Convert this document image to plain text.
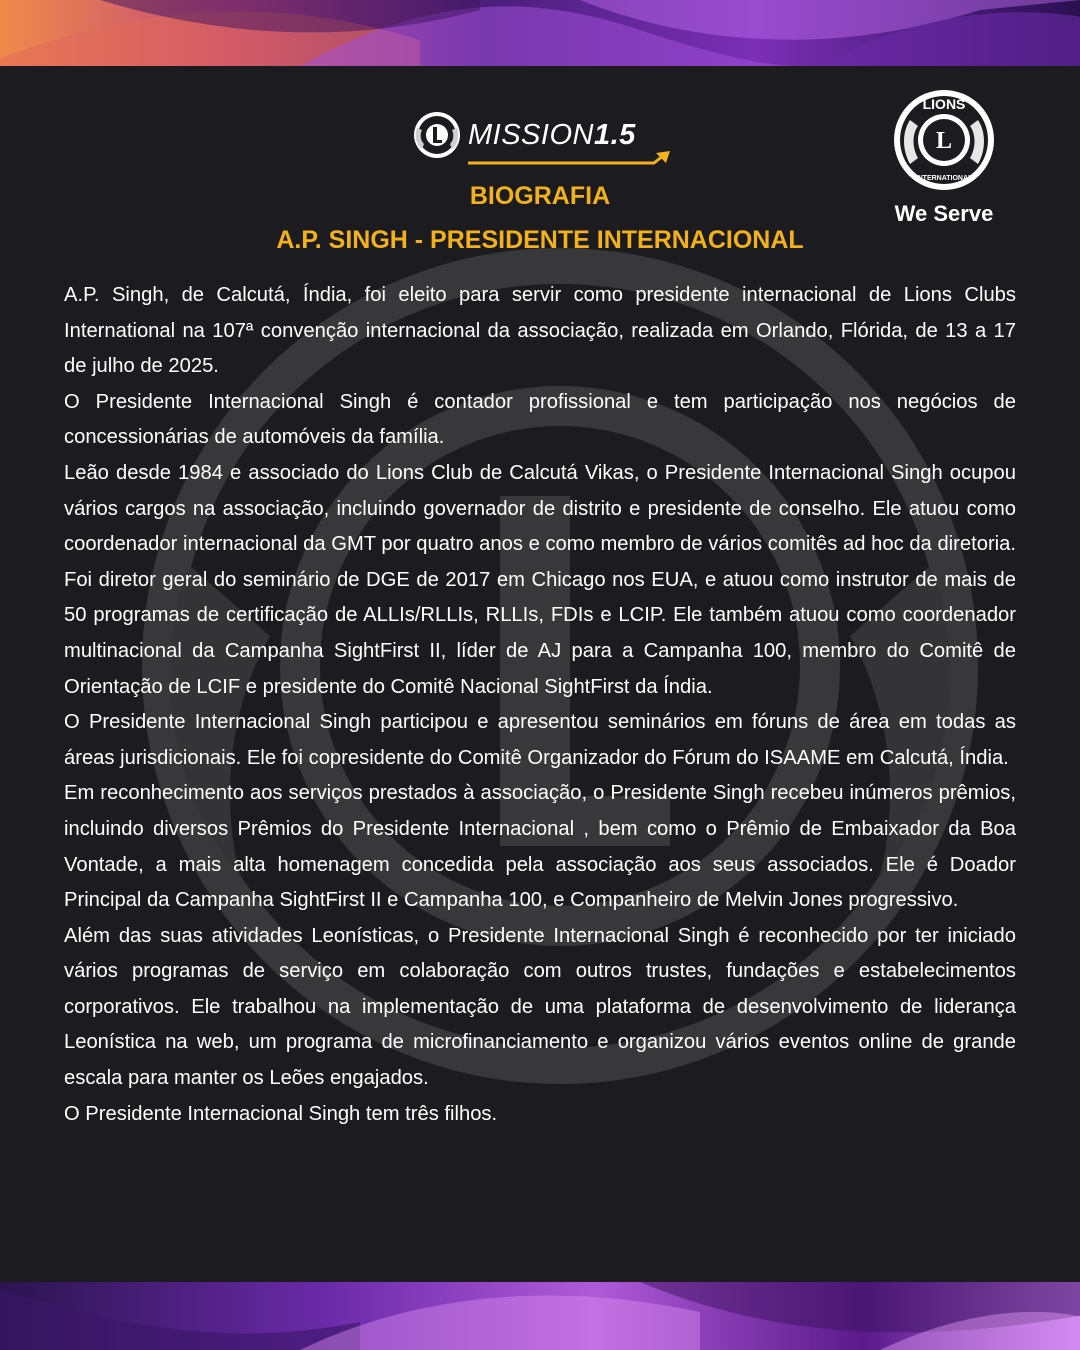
MISSION1.5
LIONS
L
INTERNATIONAL
We Serve
BIOGRAFIA
A.P. SINGH - PRESIDENTE INTERNACIONAL

A.P. Singh, de Calcutá, Índia, foi eleito para servir como presidente internacional de Lions Clubs International na 107ª convenção internacional da associação, realizada em Orlando, Flórida, de 13 a 17 de julho de 2025.

O Presidente Internacional Singh é contador profissional e tem participação nos negócios de concessionárias de automóveis da família.

Leão desde 1984 e associado do Lions Club de Calcutá Vikas, o Presidente Internacional Singh ocupou vários cargos na associação, incluindo governador de distrito e presidente de conselho. Ele atuou como coordenador internacional da GMT por quatro anos e como membro de vários comitês ad hoc da diretoria. Foi diretor geral do seminário de DGE de 2017 em Chicago nos EUA, e atuou como instrutor de mais de 50 programas de certificação de ALLIs/RLLIs, RLLIs, FDIs e LCIP. Ele também atuou como coordenador multinacional da Campanha SightFirst II, líder de AJ para a Campanha 100, membro do Comitê de Orientação de LCIF e presidente do Comitê Nacional SightFirst da Índia.

O Presidente Internacional Singh participou e apresentou seminários em fóruns de área em todas as áreas jurisdicionais. Ele foi copresidente do Comitê Organizador do Fórum do ISAAME em Calcutá, Índia.

Em reconhecimento aos serviços prestados à associação, o Presidente Singh recebeu inúmeros prêmios, incluindo diversos Prêmios do Presidente Internacional , bem como o Prêmio de Embaixador da Boa Vontade, a mais alta homenagem concedida pela associação aos seus associados. Ele é Doador Principal da Campanha SightFirst II e Campanha 100, e Companheiro de Melvin Jones progressivo.

Além das suas atividades Leonísticas, o Presidente Internacional Singh é reconhecido por ter iniciado vários programas de serviço em colaboração com outros trustes, fundações e estabelecimentos corporativos. Ele trabalhou na implementação de uma plataforma de desenvolvimento de liderança Leonística na web, um programa de microfinanciamento e organizou vários eventos online de grande escala para manter os Leões engajados.

O Presidente Internacional Singh tem três filhos.
